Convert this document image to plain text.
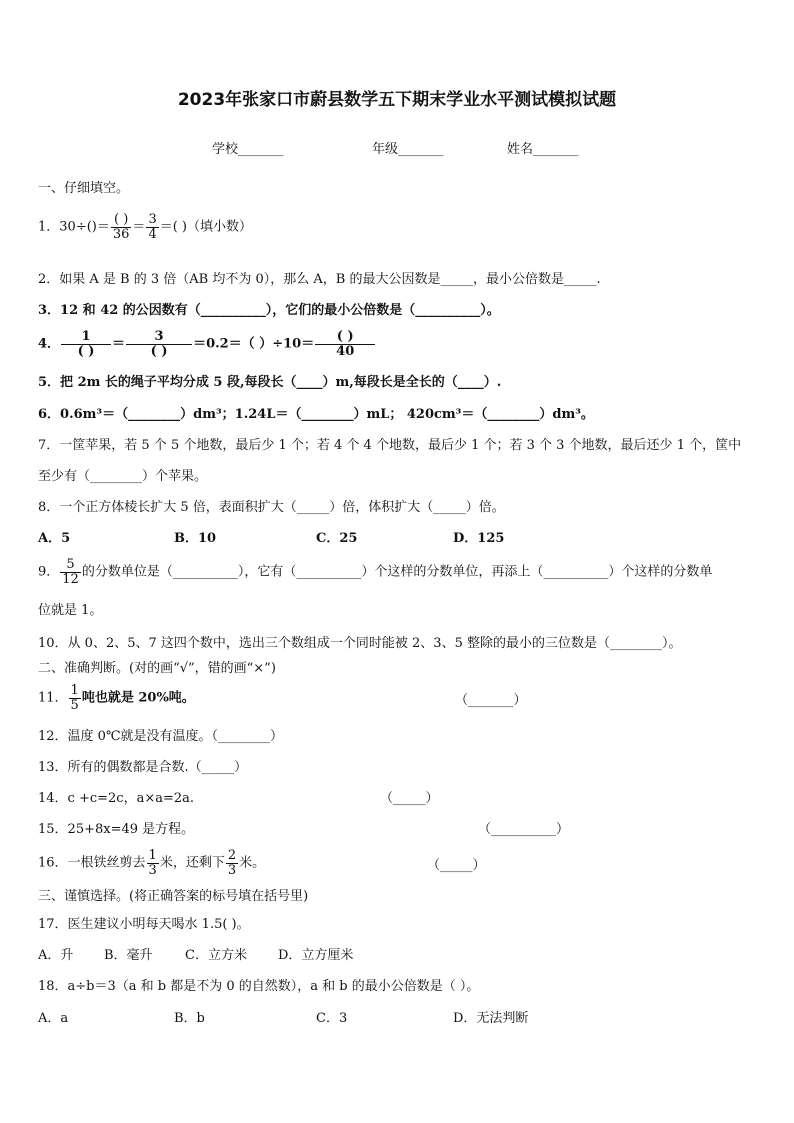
2023年张家口市蔚县数学五下期末学业水平测试模拟试题
学校_______	年级_______	姓名_______
一、仔细填空。
1．$30\div()= \frac{( )}{36} = \frac{3}{4}$ ＝( )（填小数）
2．如果 A 是 B 的 3 倍（AB 均不为 0），那么 A，B 的最大公因数是_____，最小公倍数是_____.
3．12 和 42 的公因数有（__________），它们的最小公倍数是（__________）。
4． $\frac{1}{( )} = \frac{3}{( )} =0.2=$（ ）$\div 10= \frac{( )}{40}$
5．把 2m 长的绳子平均分成 5 段,每段长（____）m,每段长是全长的（____）.
6．0.6m³＝（________）dm³；1.24L＝（________）mL； 420cm³＝（________）dm³。
7．一筐苹果，若 5 个 5 个地数，最后少 1 个；若 4 个 4 个地数，最后少 1 个；若 3 个 3 个地数，最后还少 1 个，筐中
至少有（________）个苹果。
8．一个正方体棱长扩大 5 倍，表面积扩大（_____）倍，体积扩大（_____）倍。
A．5	B．10	C．25	D．125
9． $\frac{5}{12}$ 的分数单位是（__________），它有（__________）个这样的分数单位，再添上（__________）个这样的分数单
位就是 1。
10．从 0、2、5、7 这四个数中，选出三个数组成一个同时能被 2、3、5 整除的最小的三位数是（________）。
二、准确判断。(对的画“√”，错的画“×”)
11． $\frac{1}{5}$ 吨也就是 20%吨。	（_______）
12．温度 0℃就是没有温度。（________）
13．所有的偶数都是合数.（_____）
14．c +c=2c，a×a=2a.	（_____）
15．25+8x=49 是方程。	（__________）
16．一根铁丝剪去 $\frac{1}{3}$ 米，还剩下 $\frac{2}{3}$ 米。	（_____）
三、谨慎选择。(将正确答案的标号填在括号里)
17．医生建议小明每天喝水 1.5( )。
A．升 B．毫升 C．立方米 D．立方厘米
18．a÷b＝3（a 和 b 都是不为 0 的自然数），a 和 b 的最小公倍数是（ ）。
A．a	B．b	C．3	D．无法判断
